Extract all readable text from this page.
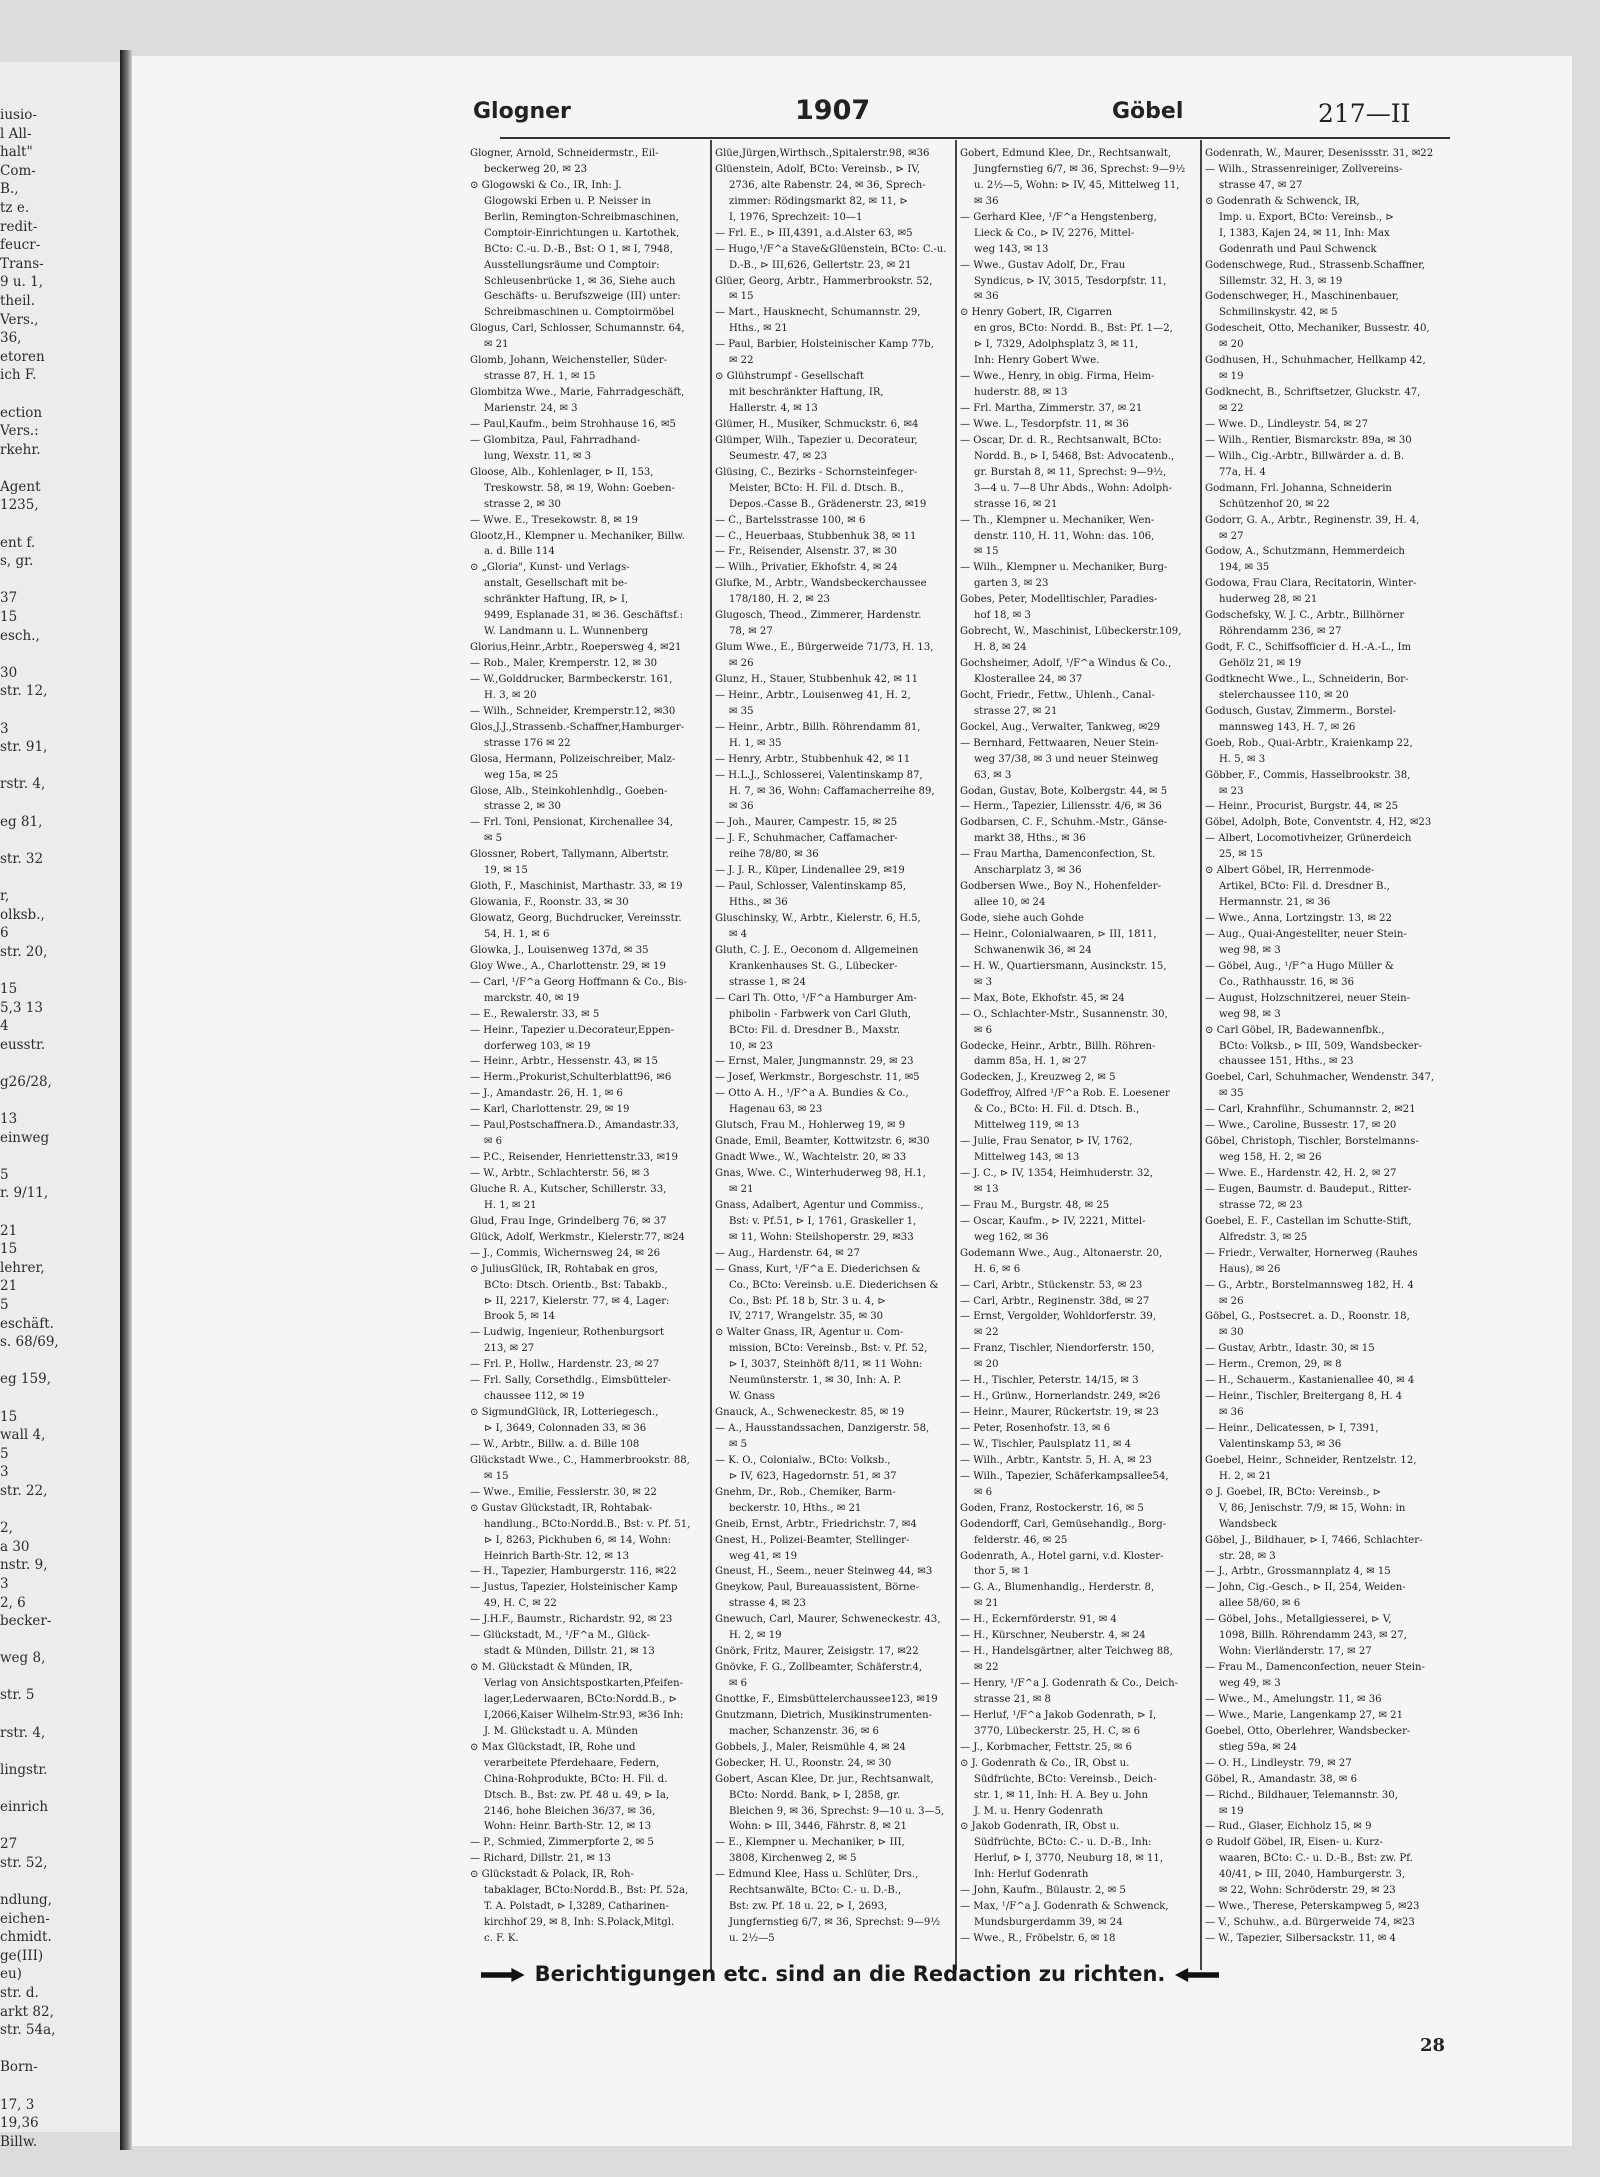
iusio-
l All-
halt"
Com-
B.,
tz e.
redit-
feucr-
Trans-
9 u. 1,
theil.
Vers.,
36,
etoren
ich F.
ection
Vers.:
rkehr.
Agent
1235,
ent f.
s, gr.
37
15
esch.,
30
str. 12,
3
str. 91,
rstr. 4,
eg 81,
str. 32
r,
olksb.,
6
str. 20,
15
5,3 13
4
eusstr.
g26/28,
13
einweg
5
r. 9/11,
21
15
lehrer,
21
5
eschäft.
s. 68/69,
eg 159,
15
wall 4,
5
3
str. 22,
2,
a 30
nstr. 9,
3
2, 6
becker-
weg 8,
str. 5
rstr. 4,
lingstr.
einrich
27
str. 52,
ndlung,
eichen-
chmidt.
ge(III)
eu)
str. d.
arkt 82,
str. 54a,
Born-
17, 3
19,36
Billw.
Glogner	1907	Göbel	217—II
Glogner, Arnold, Schneidermstr., Eil-
beckerweg 20, ✉ 23
⊙ Glogowski & Co., IR, Inh: J.
Glogowski Erben u. P. Neisser in
Berlin, Remington-Schreibmaschinen,
Comptoir-Einrichtungen u. Kartothek,
BCto: C.-u. D.-B., Bst: O 1, ✉ I, 7948,
Ausstellungsräume und Comptoir:
Schleusenbrücke 1, ✉ 36, Siehe auch
Geschäfts- u. Berufszweige (III) unter:
Schreibmaschinen u. Comptoirmöbel
Glogus, Carl, Schlosser, Schumannstr. 64,
✉ 21
Glomb, Johann, Weichensteller, Süder-
strasse 87, H. 1, ✉ 15
Glombitza Wwe., Marie, Fahrradgeschäft,
Marienstr. 24, ✉ 3
— Paul,Kaufm., beim Strohhause 16, ✉5
— Glombitza, Paul, Fahrradhand-
lung, Wexstr. 11, ✉ 3
Gloose, Alb., Kohlenlager, ⊳ II, 153,
Treskowstr. 58, ✉ 19, Wohn: Goeben-
strasse 2, ✉ 30
— Wwe. E., Tresekowstr. 8, ✉ 19
Glootz,H., Klempner u. Mechaniker, Billw.
a. d. Bille 114
⊙ „Gloria", Kunst- und Verlags-
anstalt, Gesellschaft mit be-
schränkter Haftung, IR, ⊳ I,
9499, Esplanade 31, ✉ 36. Geschäftsf.:
W. Landmann u. L. Wunnenberg
Glorius,Heinr.,Arbtr., Roepersweg 4, ✉21
— Rob., Maler, Kremperstr. 12, ✉ 30
— W.,Golddrucker, Barmbeckerstr. 161,
H. 3, ✉ 20
— Wilh., Schneider, Kremperstr.12, ✉30
Glos,J.J.,Strassenb.-Schaffner,Hamburger-
strasse 176 ✉ 22
Glosa, Hermann, Polizeischreiber, Malz-
weg 15a, ✉ 25
Glose, Alb., Steinkohlenhdlg., Goeben-
strasse 2, ✉ 30
— Frl. Toni, Pensionat, Kirchenallee 34,
✉ 5
Glossner, Robert, Tallymann, Albertstr.
19, ✉ 15
Gloth, F., Maschinist, Marthastr. 33, ✉ 19
Glowania, F., Roonstr. 33, ✉ 30
Glowatz, Georg, Buchdrucker, Vereinsstr.
54, H. 1, ✉ 6
Glowka, J., Louisenweg 137d, ✉ 35
Gloy Wwe., A., Charlottenstr. 29, ✉ 19
— Carl, ¹/F^a Georg Hoffmann & Co., Bis-
marckstr. 40, ✉ 19
— E., Rewalerstr. 33, ✉ 5
— Heinr., Tapezier u.Decorateur,Eppen-
dorferweg 103, ✉ 19
— Heinr., Arbtr., Hessenstr. 43, ✉ 15
— Herm.,Prokurist,Schulterblatt96, ✉6
— J., Amandastr. 26, H. 1, ✉ 6
— Karl, Charlottenstr. 29, ✉ 19
— Paul,Postschaffnera.D., Amandastr.33,
✉ 6
— P.C., Reisender, Henriettenstr.33, ✉19
— W., Arbtr., Schlachterstr. 56, ✉ 3
Gluche R. A., Kutscher, Schillerstr. 33,
H. 1, ✉ 21
Glud, Frau Inge, Grindelberg 76, ✉ 37
Glück, Adolf, Werkmstr., Kielerstr.77, ✉24
— J., Commis, Wichernsweg 24, ✉ 26
⊙ JuliusGlück, IR, Rohtabak en gros,
BCto: Dtsch. Orientb., Bst: Tabakb.,
⊳ II, 2217, Kielerstr. 77, ✉ 4, Lager:
Brook 5, ✉ 14
— Ludwig, Ingenieur, Rothenburgsort
213, ✉ 27
— Frl. P., Hollw., Hardenstr. 23, ✉ 27
— Frl. Sally, Corsethdlg., Eimsbütteler-
chaussee 112, ✉ 19
⊙ SigmundGlück, IR, Lotteriegesch.,
⊳ I, 3649, Colonnaden 33, ✉ 36
— W., Arbtr., Billw. a. d. Bille 108
Glückstadt Wwe., C., Hammerbrookstr. 88,
✉ 15
— Wwe., Emilie, Fesslerstr. 30, ✉ 22
⊙ Gustav Glückstadt, IR, Rohtabak-
handlung., BCto:Nordd.B., Bst: v. Pf. 51,
⊳ I, 8263, Pickhuben 6, ✉ 14, Wohn:
Heinrich Barth-Str. 12, ✉ 13
— H., Tapezier, Hamburgerstr. 116, ✉22
— Justus, Tapezier, Holsteinischer Kamp
49, H. C, ✉ 22
— J.H.F., Baumstr., Richardstr. 92, ✉ 23
— Glückstadt, M., ¹/F^a M., Glück-
stadt & Münden, Dillstr. 21, ✉ 13
⊙ M. Glückstadt & Münden, IR,
Verlag von Ansichtspostkarten,Pfeifen-
lager,Lederwaaren, BCto:Nordd.B., ⊳
I,2066,Kaiser Wilhelm-Str.93, ✉36 Inh:
J. M. Glückstadt u. A. Münden
⊙ Max Glückstadt, IR, Rohe und
verarbeitete Pferdehaare, Federn,
China-Rohprodukte, BCto: H. Fil. d.
Dtsch. B., Bst: zw. Pf. 48 u. 49, ⊳ Ia,
2146, hohe Bleichen 36/37, ✉ 36,
Wohn: Heinr. Barth-Str. 12, ✉ 13
— P., Schmied, Zimmerpforte 2, ✉ 5
— Richard, Dillstr. 21, ✉ 13
⊙ Glückstadt & Polack, IR, Roh-
tabaklager, BCto:Nordd.B., Bst: Pf. 52a,
T. A. Polstadt, ⊳ I,3289, Catharinen-
kirchhof 29, ✉ 8, Inh: S.Polack,Mitgl.
c. F. K.
Glüe,Jürgen,Wirthsch.,Spitalerstr.98, ✉36
Glüenstein, Adolf, BCto: Vereinsb., ⊳ IV,
2736, alte Rabenstr. 24, ✉ 36, Sprech-
zimmer: Rödingsmarkt 82, ✉ 11, ⊳
I, 1976, Sprechzeit: 10—1
— Frl. E., ⊳ III,4391, a.d.Alster 63, ✉5
— Hugo,¹/F^a Stave&Glüenstein, BCto: C.-u.
D.-B., ⊳ III,626, Gellertstr. 23, ✉ 21
Glüer, Georg, Arbtr., Hammerbrookstr. 52,
✉ 15
— Mart., Hausknecht, Schumannstr. 29,
Hths., ✉ 21
— Paul, Barbier, Holsteinischer Kamp 77b,
✉ 22
⊙ Glühstrumpf - Gesellschaft
mit beschränkter Haftung, IR,
Hallerstr. 4, ✉ 13
Glümer, H., Musiker, Schmuckstr. 6, ✉4
Glümper, Wilh., Tapezier u. Decorateur,
Seumestr. 47, ✉ 23
Glüsing, C., Bezirks - Schornsteinfeger-
Meister, BCto: H. Fil. d. Dtsch. B.,
Depos.-Casse B., Grädenerstr. 23, ✉19
— C., Bartelsstrasse 100, ✉ 6
— C., Heuerbaas, Stubbenhuk 38, ✉ 11
— Fr., Reisender, Alsenstr. 37, ✉ 30
— Wilh., Privatier, Ekhofstr. 4, ✉ 24
Glufke, M., Arbtr., Wandsbeckerchaussee
178/180, H. 2, ✉ 23
Glugosch, Theod., Zimmerer, Hardenstr.
78, ✉ 27
Glum Wwe., E., Bürgerweide 71/73, H. 13,
✉ 26
Glunz, H., Stauer, Stubbenhuk 42, ✉ 11
— Heinr., Arbtr., Louisenweg 41, H. 2,
✉ 35
— Heinr., Arbtr., Billh. Röhrendamm 81,
H. 1, ✉ 35
— Henry, Arbtr., Stubbenhuk 42, ✉ 11
— H.L.J., Schlosserei, Valentinskamp 87,
H. 7, ✉ 36, Wohn: Caffamacherreihe 89,
✉ 36
— Joh., Maurer, Campestr. 15, ✉ 25
— J. F., Schuhmacher, Caffamacher-
reihe 78/80, ✉ 36
— J. J. R., Küper, Lindenallee 29, ✉19
— Paul, Schlosser, Valentinskamp 85,
Hths., ✉ 36
Gluschinsky, W., Arbtr., Kielerstr. 6, H.5,
✉ 4
Gluth, C. J. E., Oeconom d. Allgemeinen
Krankenhauses St. G., Lübecker-
strasse 1, ✉ 24
— Carl Th. Otto, ¹/F^a Hamburger Am-
phibolin - Farbwerk von Carl Gluth,
BCto: Fil. d. Dresdner B., Maxstr.
10, ✉ 23
— Ernst, Maler, Jungmannstr. 29, ✉ 23
— Josef, Werkmstr., Borgeschstr. 11, ✉5
— Otto A. H., ¹/F^a A. Bundies & Co.,
Hagenau 63, ✉ 23
Glutsch, Frau M., Hohlerweg 19, ✉ 9
Gnade, Emil, Beamter, Kottwitzstr. 6, ✉30
Gnadt Wwe., W., Wachtelstr. 20, ✉ 33
Gnas, Wwe. C., Winterhuderweg 98, H.1,
✉ 21
Gnass, Adalbert, Agentur und Commiss.,
Bst: v. Pf.51, ⊳ I, 1761, Graskeller 1,
✉ 11, Wohn: Steilshoperstr. 29, ✉33
— Aug., Hardenstr. 64, ✉ 27
— Gnass, Kurt, ¹/F^a E. Diederichsen &
Co., BCto: Vereinsb. u.E. Diederichsen &
Co., Bst: Pf. 18 b, Str. 3 u. 4, ⊳
IV, 2717, Wrangelstr. 35, ✉ 30
⊙ Walter Gnass, IR, Agentur u. Com-
mission, BCto: Vereinsb., Bst: v. Pf. 52,
⊳ I, 3037, Steinhöft 8/11, ✉ 11 Wohn:
Neumünsterstr. 1, ✉ 30, Inh: A. P.
W. Gnass
Gnauck, A., Schweneckestr. 85, ✉ 19
— A., Hausstandssachen, Danzigerstr. 58,
✉ 5
— K. O., Colonialw., BCto: Volksb.,
⊳ IV, 623, Hagedornstr. 51, ✉ 37
Gnehm, Dr., Rob., Chemiker, Barm-
beckerstr. 10, Hths., ✉ 21
Gneib, Ernst, Arbtr., Friedrichstr. 7, ✉4
Gnest, H., Polizei-Beamter, Stellinger-
weg 41, ✉ 19
Gneust, H., Seem., neuer Steinweg 44, ✉3
Gneykow, Paul, Bureauassistent, Börne-
strasse 4, ✉ 23
Gnewuch, Carl, Maurer, Schweneckestr. 43,
H. 2, ✉ 19
Gnörk, Fritz, Maurer, Zeisigstr. 17, ✉22
Gnövke, F. G., Zollbeamter, Schäferstr.4,
✉ 6
Gnottke, F., Eimsbüttelerchaussee123, ✉19
Gnutzmann, Dietrich, Musikinstrumenten-
macher, Schanzenstr. 36, ✉ 6
Gobbels, J., Maler, Reismühle 4, ✉ 24
Gobecker, H. U., Roonstr. 24, ✉ 30
Gobert, Ascan Klee, Dr. jur., Rechtsanwalt,
BCto: Nordd. Bank, ⊳ I, 2858, gr.
Bleichen 9, ✉ 36, Sprechst: 9—10 u. 3—5,
Wohn: ⊳ III, 3446, Fährstr. 8, ✉ 21
— E., Klempner u. Mechaniker, ⊳ III,
3808, Kirchenweg 2, ✉ 5
— Edmund Klee, Hass u. Schlüter, Drs.,
Rechtsanwälte, BCto: C.- u. D.-B.,
Bst: zw. Pf. 18 u. 22, ⊳ I, 2693,
Jungfernstieg 6/7, ✉ 36, Sprechst: 9—9½
u. 2½—5
Gobert, Edmund Klee, Dr., Rechtsanwalt,
Jungfernstieg 6/7, ✉ 36, Sprechst: 9—9½
u. 2½—5, Wohn: ⊳ IV, 45, Mittelweg 11,
✉ 36
— Gerhard Klee, ¹/F^a Hengstenberg,
Lieck & Co., ⊳ IV, 2276, Mittel-
weg 143, ✉ 13
— Wwe., Gustav Adolf, Dr., Frau
Syndicus, ⊳ IV, 3015, Tesdorpfstr. 11,
✉ 36
⊙ Henry Gobert, IR, Cigarren
en gros, BCto: Nordd. B., Bst: Pf. 1—2,
⊳ I, 7329, Adolphsplatz 3, ✉ 11,
Inh: Henry Gobert Wwe.
— Wwe., Henry, in obig. Firma, Heim-
huderstr. 88, ✉ 13
— Frl. Martha, Zimmerstr. 37, ✉ 21
— Wwe. L., Tesdorpfstr. 11, ✉ 36
— Oscar, Dr. d. R., Rechtsanwalt, BCto:
Nordd. B., ⊳ I, 5468, Bst: Advocatenb.,
gr. Burstah 8, ✉ 11, Sprechst: 9—9½,
3—4 u. 7—8 Uhr Abds., Wohn: Adolph-
strasse 16, ✉ 21
— Th., Klempner u. Mechaniker, Wen-
denstr. 110, H. 11, Wohn: das. 106,
✉ 15
— Wilh., Klempner u. Mechaniker, Burg-
garten 3, ✉ 23
Gobes, Peter, Modelltischler, Paradies-
hof 18, ✉ 3
Gobrecht, W., Maschinist, Lübeckerstr.109,
H. 8, ✉ 24
Gochsheimer, Adolf, ¹/F^a Windus & Co.,
Klosterallee 24, ✉ 37
Gocht, Friedr., Fettw., Uhlenh., Canal-
strasse 27, ✉ 21
Gockel, Aug., Verwalter, Tankweg, ✉29
— Bernhard, Fettwaaren, Neuer Stein-
weg 37/38, ✉ 3 und neuer Steinweg
63, ✉ 3
Godan, Gustav, Bote, Kolbergstr. 44, ✉ 5
— Herm., Tapezier, Liliensstr. 4/6, ✉ 36
Godbarsen, C. F., Schuhm.-Mstr., Gänse-
markt 38, Hths., ✉ 36
— Frau Martha, Damenconfection, St.
Anscharplatz 3, ✉ 36
Godbersen Wwe., Boy N., Hohenfelder-
allee 10, ✉ 24
Gode, siehe auch Gohde
— Heinr., Colonialwaaren, ⊳ III, 1811,
Schwanenwik 36, ✉ 24
— H. W., Quartiersmann, Ausinckstr. 15,
✉ 3
— Max, Bote, Ekhofstr. 45, ✉ 24
— O., Schlachter-Mstr., Susannenstr. 30,
✉ 6
Godecke, Heinr., Arbtr., Billh. Röhren-
damm 85a, H. 1, ✉ 27
Godecken, J., Kreuzweg 2, ✉ 5
Godeffroy, Alfred ¹/F^a Rob. E. Loesener
& Co., BCto: H. Fil. d. Dtsch. B.,
Mittelweg 119, ✉ 13
— Julie, Frau Senator, ⊳ IV, 1762,
Mittelweg 143, ✉ 13
— J. C., ⊳ IV, 1354, Heimhuderstr. 32,
✉ 13
— Frau M., Burgstr. 48, ✉ 25
— Oscar, Kaufm., ⊳ IV, 2221, Mittel-
weg 162, ✉ 36
Godemann Wwe., Aug., Altonaerstr. 20,
H. 6, ✉ 6
— Carl, Arbtr., Stückenstr. 53, ✉ 23
— Carl, Arbtr., Reginenstr. 38d, ✉ 27
— Ernst, Vergolder, Wohldorferstr. 39,
✉ 22
— Franz, Tischler, Niendorferstr. 150,
✉ 20
— H., Tischler, Peterstr. 14/15, ✉ 3
— H., Grünw., Hornerlandstr. 249, ✉26
— Heinr., Maurer, Rückertstr. 19, ✉ 23
— Peter, Rosenhofstr. 13, ✉ 6
— W., Tischler, Paulsplatz 11, ✉ 4
— Wilh., Arbtr., Kantstr. 5, H. A, ✉ 23
— Wilh., Tapezier, Schäferkampsallee54,
✉ 6
Goden, Franz, Rostockerstr. 16, ✉ 5
Godendorff, Carl, Gemüsehandlg., Borg-
felderstr. 46, ✉ 25
Godenrath, A., Hotel garni, v.d. Kloster-
thor 5, ✉ 1
— G. A., Blumenhandlg., Herderstr. 8,
✉ 21
— H., Eckernförderstr. 91, ✉ 4
— H., Kürschner, Neuberstr. 4, ✉ 24
— H., Handelsgärtner, alter Teichweg 88,
✉ 22
— Henry, ¹/F^a J. Godenrath & Co., Deich-
strasse 21, ✉ 8
— Herluf, ¹/F^a Jakob Godenrath, ⊳ I,
3770, Lübeckerstr. 25, H. C, ✉ 6
— J., Korbmacher, Fettstr. 25, ✉ 6
⊙ J. Godenrath & Co., IR, Obst u.
Südfrüchte, BCto: Vereinsb., Deich-
str. 1, ✉ 11, Inh: H. A. Bey u. John
J. M. u. Henry Godenrath
⊙ Jakob Godenrath, IR, Obst u.
Südfrüchte, BCto: C.- u. D.-B., Inh:
Herluf, ⊳ I, 3770, Neuburg 18, ✉ 11,
Inh: Herluf Godenrath
— John, Kaufm., Bülaustr. 2, ✉ 5
— Max, ¹/F^a J. Godenrath & Schwenck,
Mundsburgerdamm 39, ✉ 24
— Wwe., R., Fröbelstr. 6, ✉ 18
Berichtigungen etc. sind an die Redaction zu richten.
28
Godenrath, W., Maurer, Desenissstr. 31, ✉22
— Wilh., Strassenreiniger, Zollvereins-
strasse 47, ✉ 27
⊙ Godenrath & Schwenck, IR,
Imp. u. Export, BCto: Vereinsb., ⊳
I, 1383, Kajen 24, ✉ 11, Inh: Max
Godenrath und Paul Schwenck
Godenschwege, Rud., Strassenb.Schaffner,
Sillemstr. 32, H. 3, ✉ 19
Godenschweger, H., Maschinenbauer,
Schmilinskystr. 42, ✉ 5
Godescheit, Otto, Mechaniker, Bussestr. 40,
✉ 20
Godhusen, H., Schuhmacher, Hellkamp 42,
✉ 19
Godknecht, B., Schriftsetzer, Gluckstr. 47,
✉ 22
— Wwe. D., Lindleystr. 54, ✉ 27
— Wilh., Rentier, Bismarckstr. 89a, ✉ 30
— Wilh., Cig.-Arbtr., Billwärder a. d. B.
77a, H. 4
Godmann, Frl. Johanna, Schneiderin
Schützenhof 20, ✉ 22
Godorr, G. A., Arbtr., Reginenstr. 39, H. 4,
✉ 27
Godow, A., Schutzmann, Hemmerdeich
194, ✉ 35
Godowa, Frau Clara, Recitatorin, Winter-
huderweg 28, ✉ 21
Godschefsky, W. J. C., Arbtr., Billhörner
Röhrendamm 236, ✉ 27
Godt, F. C., Schiffsofficier d. H.-A.-L., Im
Gehölz 21, ✉ 19
Godtknecht Wwe., L., Schneiderin, Bor-
stelerchaussee 110, ✉ 20
Godusch, Gustav, Zimmerm., Borstel-
mannsweg 143, H. 7, ✉ 26
Goeb, Rob., Quai-Arbtr., Kraienkamp 22,
H. 5, ✉ 3
Göbber, F., Commis, Hasselbrookstr. 38,
✉ 23
— Heinr., Procurist, Burgstr. 44, ✉ 25
Göbel, Adolph, Bote, Conventstr. 4, H2, ✉23
— Albert, Locomotivheizer, Grünerdeich
25, ✉ 15
⊙ Albert Göbel, IR, Herrenmode-
Artikel, BCto: Fil. d. Dresdner B.,
Hermannstr. 21, ✉ 36
— Wwe., Anna, Lortzingstr. 13, ✉ 22
— Aug., Quai-Angestellter, neuer Stein-
weg 98, ✉ 3
— Göbel, Aug., ¹/F^a Hugo Müller &
Co., Rathhausstr. 16, ✉ 36
— August, Holzschnitzerei, neuer Stein-
weg 98, ✉ 3
⊙ Carl Göbel, IR, Badewannenfbk.,
BCto: Volksb., ⊳ III, 509, Wandsbecker-
chaussee 151, Hths., ✉ 23
Goebel, Carl, Schuhmacher, Wendenstr. 347,
✉ 35
— Carl, Krahnführ., Schumannstr. 2, ✉21
— Wwe., Caroline, Bussestr. 17, ✉ 20
Göbel, Christoph, Tischler, Borstelmanns-
weg 158, H. 2, ✉ 26
— Wwe. E., Hardenstr. 42, H. 2, ✉ 27
— Eugen, Baumstr. d. Baudeput., Ritter-
strasse 72, ✉ 23
Goebel, E. F., Castellan im Schutte-Stift,
Alfredstr. 3, ✉ 25
— Friedr., Verwalter, Hornerweg (Rauhes
Haus), ✉ 26
— G., Arbtr., Borstelmannsweg 182, H. 4
✉ 26
Göbel, G., Postsecret. a. D., Roonstr. 18,
✉ 30
— Gustav, Arbtr., Idastr. 30, ✉ 15
— Herm., Cremon, 29, ✉ 8
— H., Schauerm., Kastanienallee 40, ✉ 4
— Heinr., Tischler, Breitergang 8, H. 4
✉ 36
— Heinr., Delicatessen, ⊳ I, 7391,
Valentinskamp 53, ✉ 36
Goebel, Heinr., Schneider, Rentzelstr. 12,
H. 2, ✉ 21
⊙ J. Goebel, IR, BCto: Vereinsb., ⊳
V, 86, Jenischstr. 7/9, ✉ 15, Wohn: in
Wandsbeck
Göbel, J., Bildhauer, ⊳ I, 7466, Schlachter-
str. 28, ✉ 3
— J., Arbtr., Grossmannplatz 4, ✉ 15
— John, Cig.-Gesch., ⊳ II, 254, Weiden-
allee 58/60, ✉ 6
— Göbel, Johs., Metallgiesserei, ⊳ V,
1098, Billh. Röhrendamm 243, ✉ 27,
Wohn: Vierländerstr. 17, ✉ 27
— Frau M., Damenconfection, neuer Stein-
weg 49, ✉ 3
— Wwe., M., Amelungstr. 11, ✉ 36
— Wwe., Marie, Langenkamp 27, ✉ 21
Goebel, Otto, Oberlehrer, Wandsbecker-
stieg 59a, ✉ 24
— O. H., Lindleystr. 79, ✉ 27
Göbel, R., Amandastr. 38, ✉ 6
— Richd., Bildhauer, Telemannstr. 30,
✉ 19
— Rud., Glaser, Eichholz 15, ✉ 9
⊙ Rudolf Göbel, IR, Eisen- u. Kurz-
waaren, BCto: C.- u. D.-B., Bst: zw. Pf.
40/41, ⊳ III, 2040, Hamburgerstr. 3,
✉ 22, Wohn: Schröderstr. 29, ✉ 23
— Wwe., Therese, Peterskampweg 5, ✉23
— V., Schuhw., a.d. Bürgerweide 74, ✉23
— W., Tapezier, Silbersackstr. 11, ✉ 4
